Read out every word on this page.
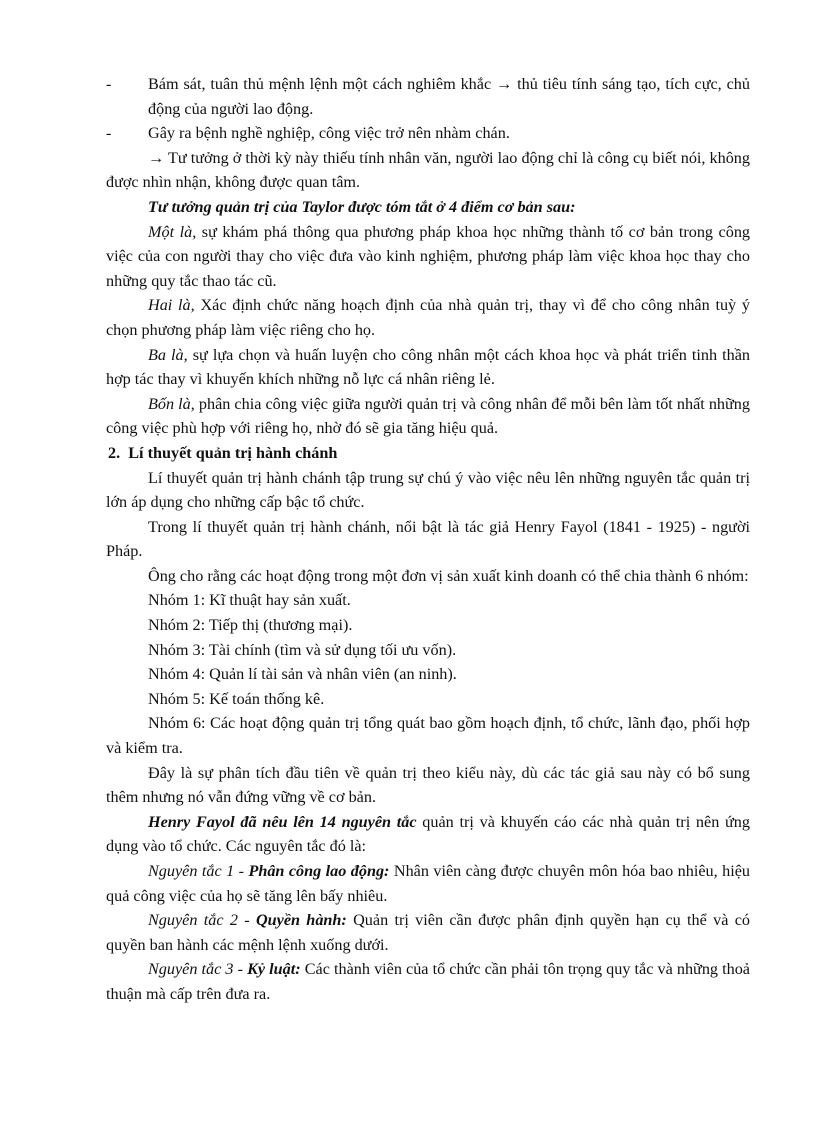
-	Bám sát, tuân thủ mệnh lệnh một cách nghiêm khắc → thủ tiêu tính sáng tạo, tích cực, chủ động của người lao động.
-	Gây ra bệnh nghề nghiệp, công việc trở nên nhàm chán.

→ Tư tưởng ở thời kỳ này thiếu tính nhân văn, người lao động chỉ là công cụ biết nói, không được nhìn nhận, không được quan tâm.

Tư tưởng quản trị của Taylor được tóm tắt ở 4 điểm cơ bản sau:

Một là, sự khám phá thông qua phương pháp khoa học những thành tố cơ bản trong công việc của con người thay cho việc đưa vào kinh nghiệm, phương pháp làm việc khoa học thay cho những quy tắc thao tác cũ.

Hai là, Xác định chức năng hoạch định của nhà quản trị, thay vì để cho công nhân tuỳ ý chọn phương pháp làm việc riêng cho họ.

Ba là, sự lựa chọn và huấn luyện cho công nhân một cách khoa học và phát triển tinh thần hợp tác thay vì khuyến khích những nỗ lực cá nhân riêng lẻ.

Bốn là, phân chia công việc giữa người quản trị và công nhân để mỗi bên làm tốt nhất những công việc phù hợp với riêng họ, nhờ đó sẽ gia tăng hiệu quả.

2. Lí thuyết quản trị hành chánh

Lí thuyết quản trị hành chánh tập trung sự chú ý vào việc nêu lên những nguyên tắc quản trị lớn áp dụng cho những cấp bậc tổ chức.

Trong lí thuyết quản trị hành chánh, nổi bật là tác giả Henry Fayol (1841 - 1925) - người Pháp.

Ông cho rằng các hoạt động trong một đơn vị sản xuất kinh doanh có thể chia thành 6 nhóm:

Nhóm 1: Kĩ thuật hay sản xuất.

Nhóm 2: Tiếp thị (thương mại).

Nhóm 3: Tài chính (tìm và sử dụng tối ưu vốn).

Nhóm 4: Quản lí tài sản và nhân viên (an ninh).

Nhóm 5: Kế toán thống kê.

Nhóm 6: Các hoạt động quản trị tổng quát bao gồm hoạch định, tổ chức, lãnh đạo, phối hợp và kiểm tra.

Đây là sự phân tích đầu tiên về quản trị theo kiểu này, dù các tác giả sau này có bổ sung thêm nhưng nó vẫn đứng vững về cơ bản.

Henry Fayol đã nêu lên 14 nguyên tắc quản trị và khuyến cáo các nhà quản trị nên ứng dụng vào tổ chức. Các nguyên tắc đó là:

Nguyên tắc 1 - Phân công lao động: Nhân viên càng được chuyên môn hóa bao nhiêu, hiệu quả công việc của họ sẽ tăng lên bấy nhiêu.

Nguyên tắc 2 - Quyền hành: Quản trị viên cần được phân định quyền hạn cụ thể và có quyền ban hành các mệnh lệnh xuống dưới.

Nguyên tắc 3 - Kỷ luật: Các thành viên của tổ chức cần phải tôn trọng quy tắc và những thoả thuận mà cấp trên đưa ra.
